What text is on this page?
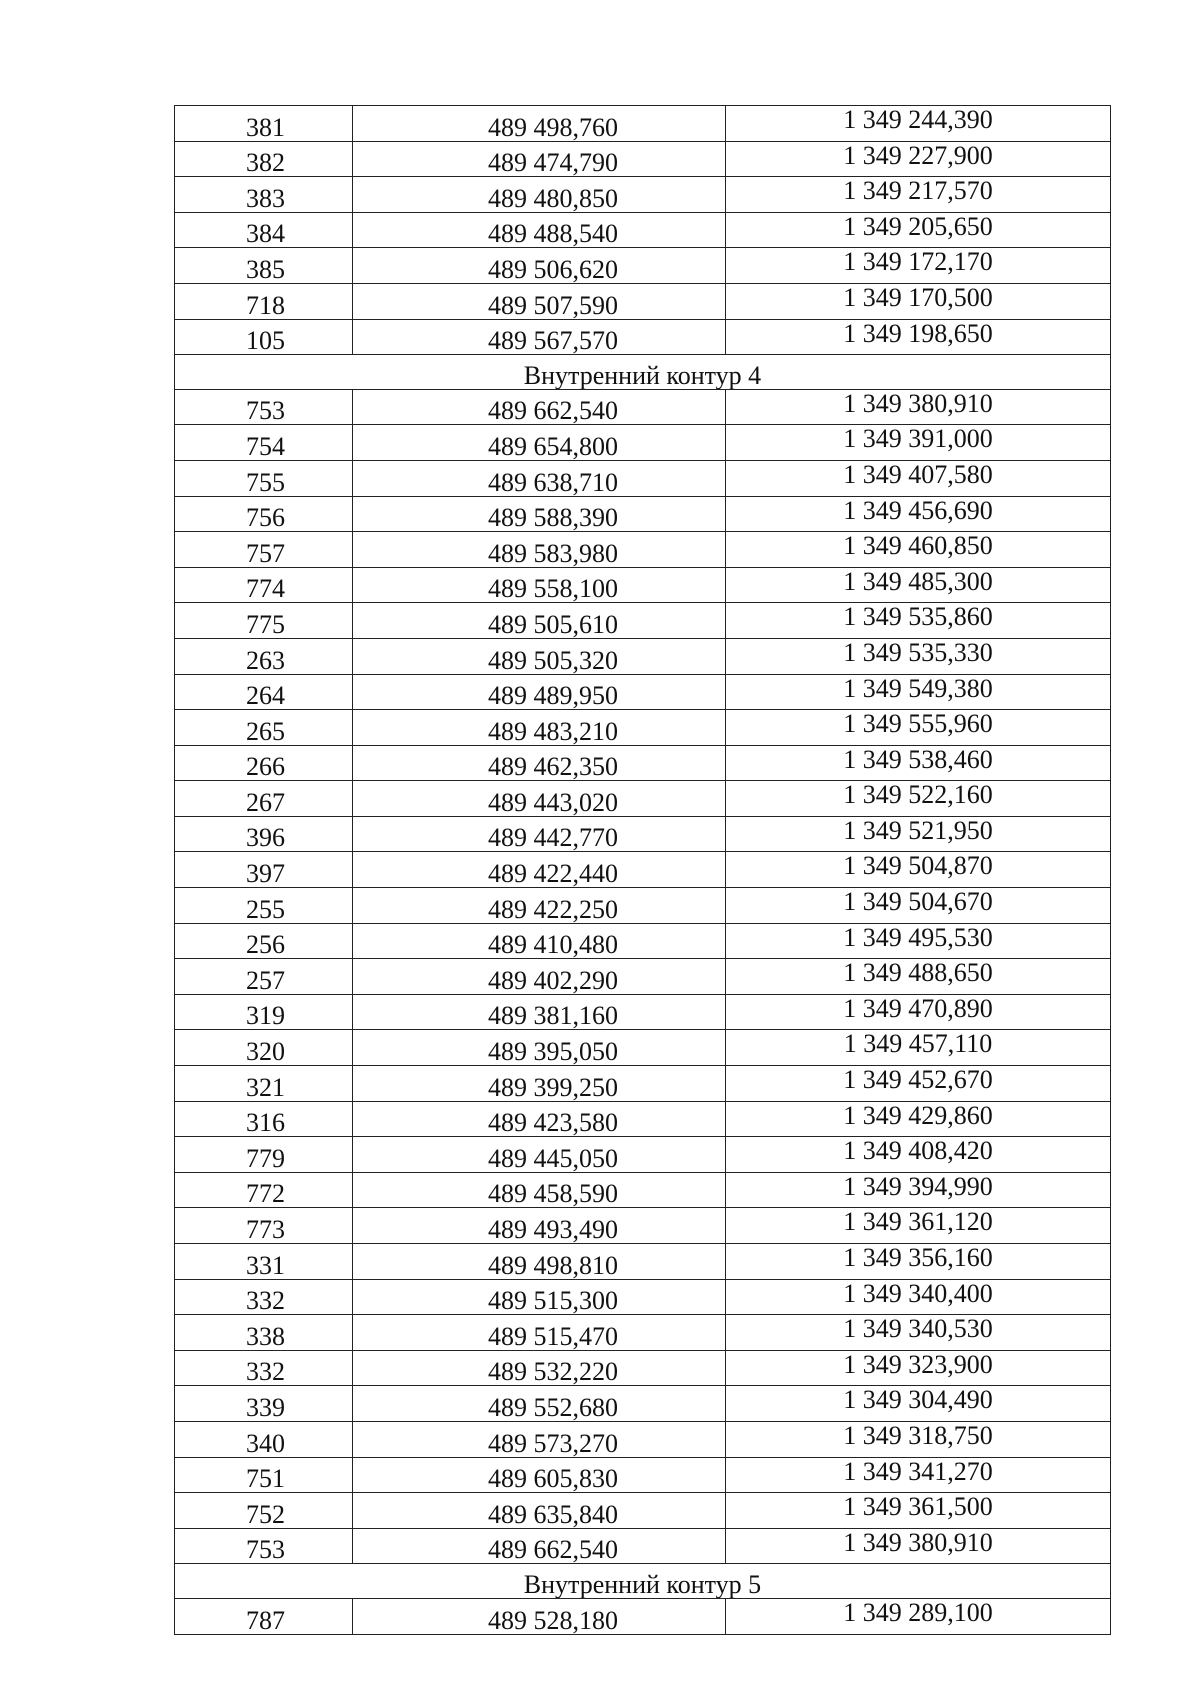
381	489 498,760	1 349 244,390
382	489 474,790	1 349 227,900
383	489 480,850	1 349 217,570
384	489 488,540	1 349 205,650
385	489 506,620	1 349 172,170
718	489 507,590	1 349 170,500
105	489 567,570	1 349 198,650
Внутренний контур 4		
753	489 662,540	1 349 380,910
754	489 654,800	1 349 391,000
755	489 638,710	1 349 407,580
756	489 588,390	1 349 456,690
757	489 583,980	1 349 460,850
774	489 558,100	1 349 485,300
775	489 505,610	1 349 535,860
263	489 505,320	1 349 535,330
264	489 489,950	1 349 549,380
265	489 483,210	1 349 555,960
266	489 462,350	1 349 538,460
267	489 443,020	1 349 522,160
396	489 442,770	1 349 521,950
397	489 422,440	1 349 504,870
255	489 422,250	1 349 504,670
256	489 410,480	1 349 495,530
257	489 402,290	1 349 488,650
319	489 381,160	1 349 470,890
320	489 395,050	1 349 457,110
321	489 399,250	1 349 452,670
316	489 423,580	1 349 429,860
779	489 445,050	1 349 408,420
772	489 458,590	1 349 394,990
773	489 493,490	1 349 361,120
331	489 498,810	1 349 356,160
332	489 515,300	1 349 340,400
338	489 515,470	1 349 340,530
332	489 532,220	1 349 323,900
339	489 552,680	1 349 304,490
340	489 573,270	1 349 318,750
751	489 605,830	1 349 341,270
752	489 635,840	1 349 361,500
753	489 662,540	1 349 380,910
Внутренний контур 5		
787	489 528,180	1 349 289,100
